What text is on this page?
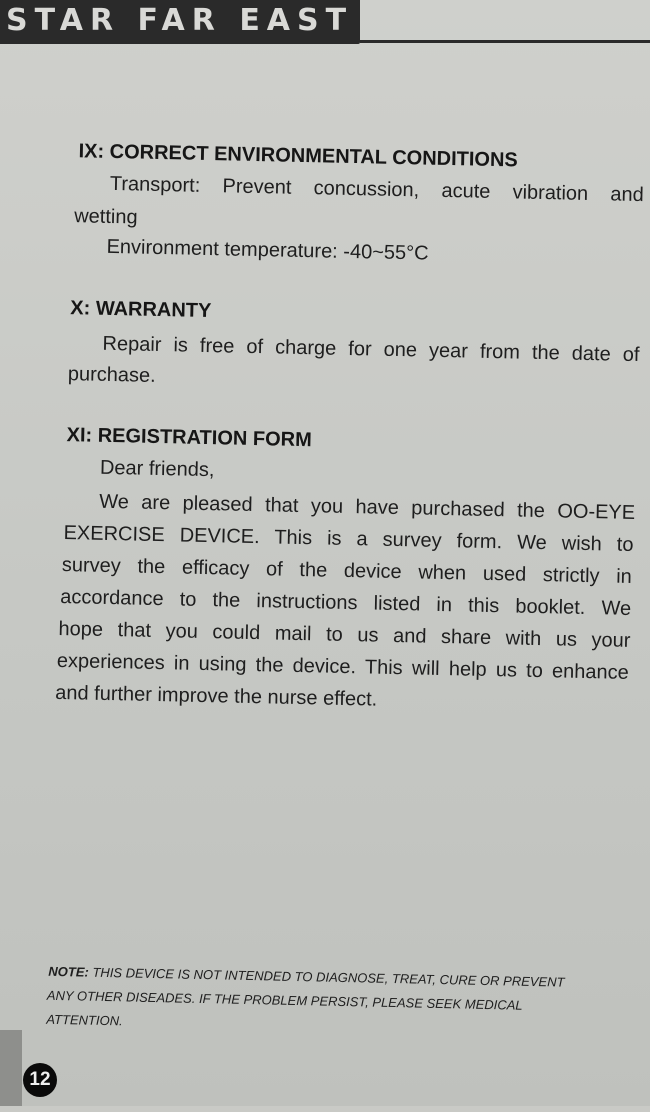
STAR FAR EAST
IX: CORRECT ENVIRONMENTAL CONDITIONS
Transport: Prevent concussion, acute vibration and
wetting
Environment temperature: -40~55°C
X: WARRANTY
Repair is free of charge for one year from the date of
purchase.
XI: REGISTRATION FORM
Dear friends,
We are pleased that you have purchased the OO-EYE
EXERCISE DEVICE. This is a survey form. We wish to
survey the efficacy of the device when used strictly in
accordance to the instructions listed in this booklet. We
hope that you could mail to us and share with us your
experiences in using the device. This will help us to enhance
and further improve the nurse effect.
NOTE: THIS DEVICE IS NOT INTENDED TO DIAGNOSE, TREAT, CURE OR PREVENT
ANY OTHER DISEADES. IF THE PROBLEM PERSIST, PLEASE SEEK MEDICAL
ATTENTION.
12
